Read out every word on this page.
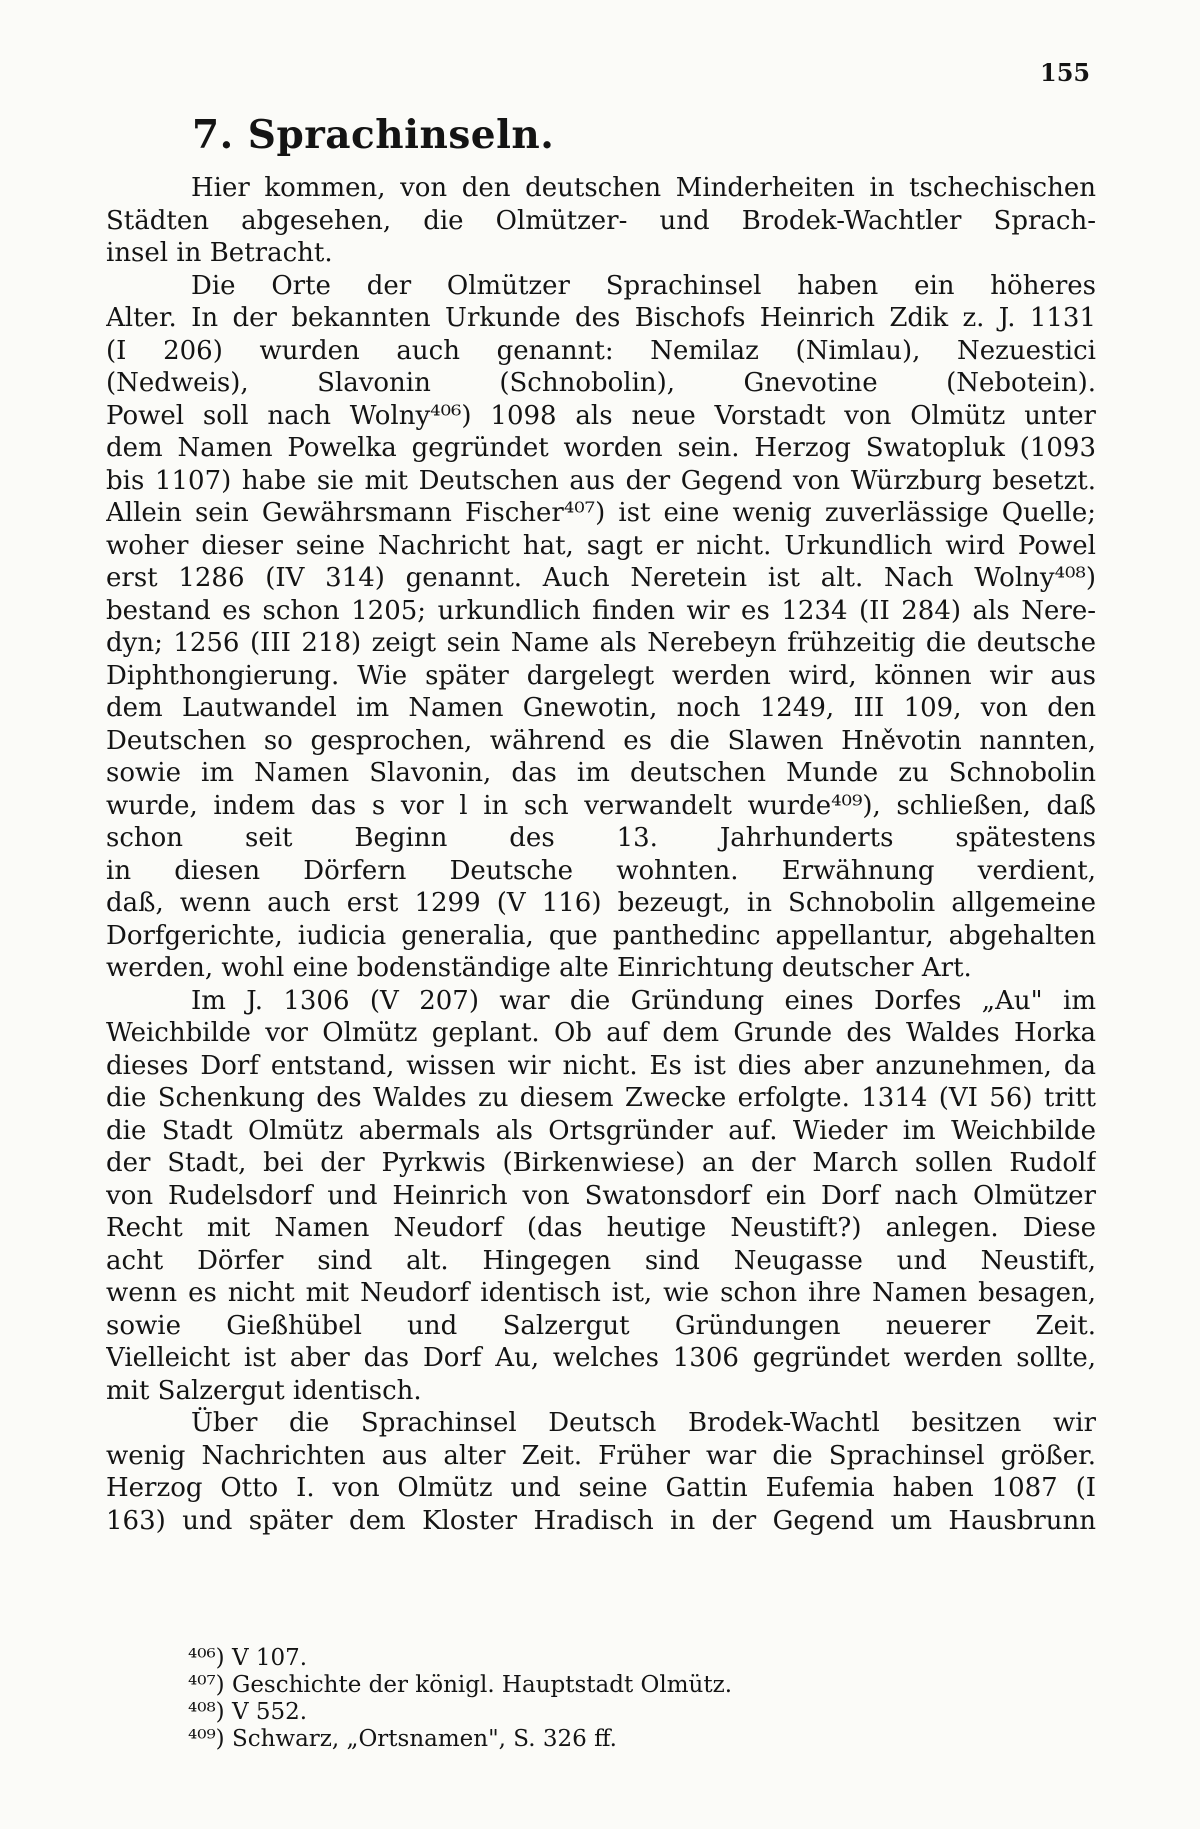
155
7. Sprachinseln.
Hier kommen, von den deutschen Minderheiten in tschechischen
Städten abgesehen, die Olmützer- und Brodek-Wachtler Sprach-
insel in Betracht.
Die Orte der Olmützer Sprachinsel haben ein höheres
Alter. In der bekannten Urkunde des Bischofs Heinrich Zdik z. J. 1131
(I 206) wurden auch genannt: Nemilaz (Nimlau), Nezuestici
(Nedweis), Slavonin (Schnobolin), Gnevotine (Nebotein).
Powel soll nach Wolny⁴⁰⁶) 1098 als neue Vorstadt von Olmütz unter
dem Namen Powelka gegründet worden sein. Herzog Swatopluk (1093
bis 1107) habe sie mit Deutschen aus der Gegend von Würzburg besetzt.
Allein sein Gewährsmann Fischer⁴⁰⁷) ist eine wenig zuverlässige Quelle;
woher dieser seine Nachricht hat, sagt er nicht. Urkundlich wird Powel
erst 1286 (IV 314) genannt. Auch Neretein ist alt. Nach Wolny⁴⁰⁸)
bestand es schon 1205; urkundlich finden wir es 1234 (II 284) als Nere-
dyn; 1256 (III 218) zeigt sein Name als Nerebeyn frühzeitig die deutsche
Diphthongierung. Wie später dargelegt werden wird, können wir aus
dem Lautwandel im Namen Gnewotin, noch 1249, III 109, von den
Deutschen so gesprochen, während es die Slawen Hněvotin nannten,
sowie im Namen Slavonin, das im deutschen Munde zu Schnobolin
wurde, indem das s vor l in sch verwandelt wurde⁴⁰⁹), schließen, daß
schon seit Beginn des 13. Jahrhunderts spätestens
in diesen Dörfern Deutsche wohnten. Erwähnung verdient,
daß, wenn auch erst 1299 (V 116) bezeugt, in Schnobolin allgemeine
Dorfgerichte, iudicia generalia, que panthedinc appellantur, abgehalten
werden, wohl eine bodenständige alte Einrichtung deutscher Art.
Im J. 1306 (V 207) war die Gründung eines Dorfes „Au" im
Weichbilde vor Olmütz geplant. Ob auf dem Grunde des Waldes Horka
dieses Dorf entstand, wissen wir nicht. Es ist dies aber anzunehmen, da
die Schenkung des Waldes zu diesem Zwecke erfolgte. 1314 (VI 56) tritt
die Stadt Olmütz abermals als Ortsgründer auf. Wieder im Weichbilde
der Stadt, bei der Pyrkwis (Birkenwiese) an der March sollen Rudolf
von Rudelsdorf und Heinrich von Swatonsdorf ein Dorf nach Olmützer
Recht mit Namen Neudorf (das heutige Neustift?) anlegen. Diese
acht Dörfer sind alt. Hingegen sind Neugasse und Neustift,
wenn es nicht mit Neudorf identisch ist, wie schon ihre Namen besagen,
sowie Gießhübel und Salzergut Gründungen neuerer Zeit.
Vielleicht ist aber das Dorf Au, welches 1306 gegründet werden sollte,
mit Salzergut identisch.
Über die Sprachinsel Deutsch Brodek-Wachtl besitzen wir
wenig Nachrichten aus alter Zeit. Früher war die Sprachinsel größer.
Herzog Otto I. von Olmütz und seine Gattin Eufemia haben 1087 (I
163) und später dem Kloster Hradisch in der Gegend um Hausbrunn
⁴⁰⁶) V 107.
⁴⁰⁷) Geschichte der königl. Hauptstadt Olmütz.
⁴⁰⁸) V 552.
⁴⁰⁹) Schwarz, „Ortsnamen", S. 326 ff.
